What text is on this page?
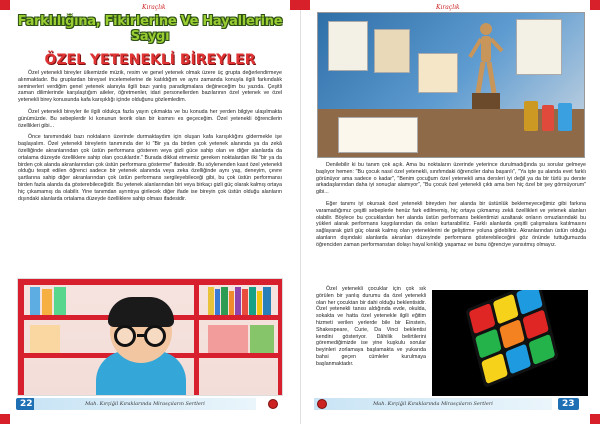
Kıraçlık
Farklılığına, Fikirlerine Ve Hayallerine Saygı
ÖZEL YETENEKLİ BİREYLER

Özel yetenekli bireyler ülkemizde müzik, resim ve genel yetenek olmak üzere üç grupta değerlendirmeye alınmaktadır. Bu gruplardan bireysel incelemelerine de katıldığım ve aynı zamanda konuyla ilgili farkındalık seminerleri verdiğim genel yetenek alanıyla ilgili bazı yanlış paradigmalara değineceğim bu yazıda. Çeşitli zaman dilimlerinde karşılaştığım aileler, öğretmenler, idari personellerden bazılarının özel yetenek ve özel yetenekli birey konusunda kafa karışıklığı içinde olduğunu gözlemledim.

Özel yetenekli bireyler ile ilgili oldukça fazla yayın çıkmakta ve bu konuda her yerden bilgiye ulaşılmakta günümüzde. Bu sebeplerdir ki konunun teorik olan bir kısmını es geçeceğim. Özel yetenekli öğrencilerin özellikleri gibi...

Önce tanımındaki bazı noktaların üzerinde durmaktaydım için oluşan kafa karışıklığını gidermekle işe başlayalım. Özel yetenekli bireylerin tanımında der ki "Bir ya da birden çok yetenek alanında ya da zekâ özelliğinde akranlarından çok üstün performans gösteren veya gizli güce sahip olan ve diğer alanlarda da ortalama düzeyde özelliklere sahip olan çocuklardır." Burada dikkat etmemiz gereken noktalardan ilki "bir ya da birden çok alanda akranlarından çok üstün performans gösterme" ifadesidir. Bu söylenenden kasıt özel yetenekli olduğu tespit edilen öğrenci sadece bir yetenek alanında veya zeka özelliğinde aynı yaş, deneyim, çevre şartlarına sahip diğer akranlarından çok üstün performans sergileyebileceği gibi, bu çok üstün performansı birden fazla alanda da gösterebileceğidir. Bu yetenek alanlarından biri veya birkaçı gizli güç olarak kalmış ortaya hiç çıkamamış da olabilir. Yine tanımdan ayrıntıya girilecek diğer ifade ise bireyin çok üstün olduğu alanların dışındaki alanlarda ortalama düzeyde özelliklere sahip olması ifadesidir.

22	Mah. Kırçiğil Kıraklarında Mirasçıların Sertleri
Kıraçlık

Denilebilir ki bu tanım çok açık. Ama bu noktaların üzerinde yeterince durulmadığında şu sorular gelmeye başlıyor hemen: "Bu çocuk nasıl özel yetenekli, sınıfımdaki öğrenciler daha başarılı", "Ya işte şu alanda evet farklı görünüyor ama sadece o kadar", "Benim çocuğum özel yetenekli ama dersleri iyi değil ya da bir türlü şu derste arkadaşlarından daha iyi sonuçlar alamıyor", "Bu çocuk özel yetenekli çıktı ama ben hiç özel bir şey görmüyorum" gibi...

Eğer tanımı iyi okursak özel yetenekli bireyden her alanda bir üstünlük beklemeyeceğimiz gibi farkına varamadığımız çeşitli sebeplerle henüz fark edilmemiş, hiç ortaya çıkmamış zekâ özellikleri ve yetenek alanları olabilir. Böylece bu çocuklardan her alanda üstün performans beklentimizi azaltarak onların omuzlarındaki bu yükleri alarak performans kaygılarından da onları kurtarabiliriz. Farklı alanlarda çeşitli çalışmalara katılmasını sağlayarak gizli güç olarak kalmış olan yeteneklerini de geliştirme yoluna gidebiliriz. Akranlarından üstün olduğu alanların dışındaki alanlarda akranları düzeyinde performans gösterebileceğini göz önünde tuttuğumuzda öğrenciden zaman performanstan dolayı hayal kırıklığı yaşamaz ve bunu öğrenciye yansıtmış olmayız.

Özel yetenekli çocuklar için çok sık görülen bir yanlış durumu da özel yetenekli olan her çocuktan bir dahi olduğu beklentisidir. Özel yetenekli tanısı aldığında evde, okulda, sokakta ve hatta özel yetenekle ilgili eğitim hizmeti verilen yerlerde bile bir Einstein, Shakespeare, Curie, Da Vinci beklentisi kendini gösteriyor. Dâhilik belirtilerini göremediğimizde ise yine kuşkulu sorular beyinleri zorlamaya başlamakta ve yukarıda bahsi geçen cümleler kurulmaya başlanmaktadır.

23
Mah. Kırçiğil Kıraklarında Mirasçıların Sertleri
